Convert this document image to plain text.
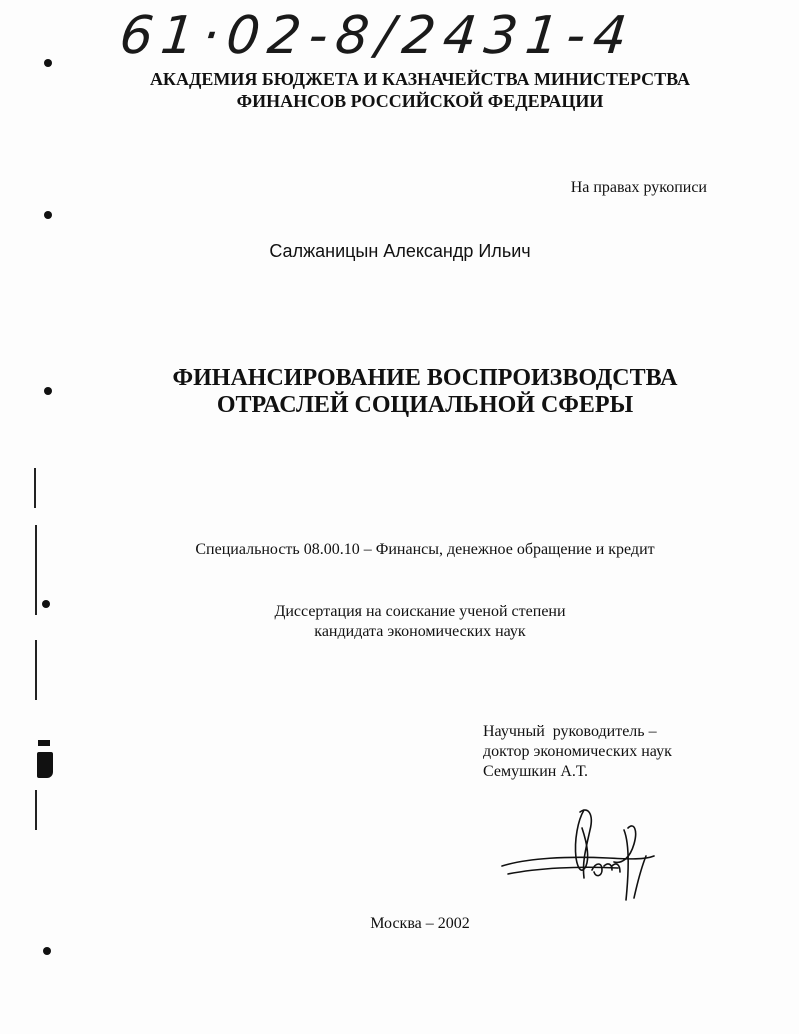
61·02-8/2431-4
АКАДЕМИЯ БЮДЖЕТА И КАЗНАЧЕЙСТВА МИНИСТЕРСТВА
ФИНАНСОВ РОССИЙСКОЙ ФЕДЕРАЦИИ
На правах рукописи
Салжаницын Александр Ильич
ФИНАНСИРОВАНИЕ ВОСПРОИЗВОДСТВА
ОТРАСЛЕЙ СОЦИАЛЬНОЙ СФЕРЫ
Специальность 08.00.10 – Финансы, денежное обращение и кредит
Диссертация на соискание ученой степени
кандидата экономических наук
Научный  руководитель –
доктор экономических наук
Семушкин А.Т.
Москва – 2002
